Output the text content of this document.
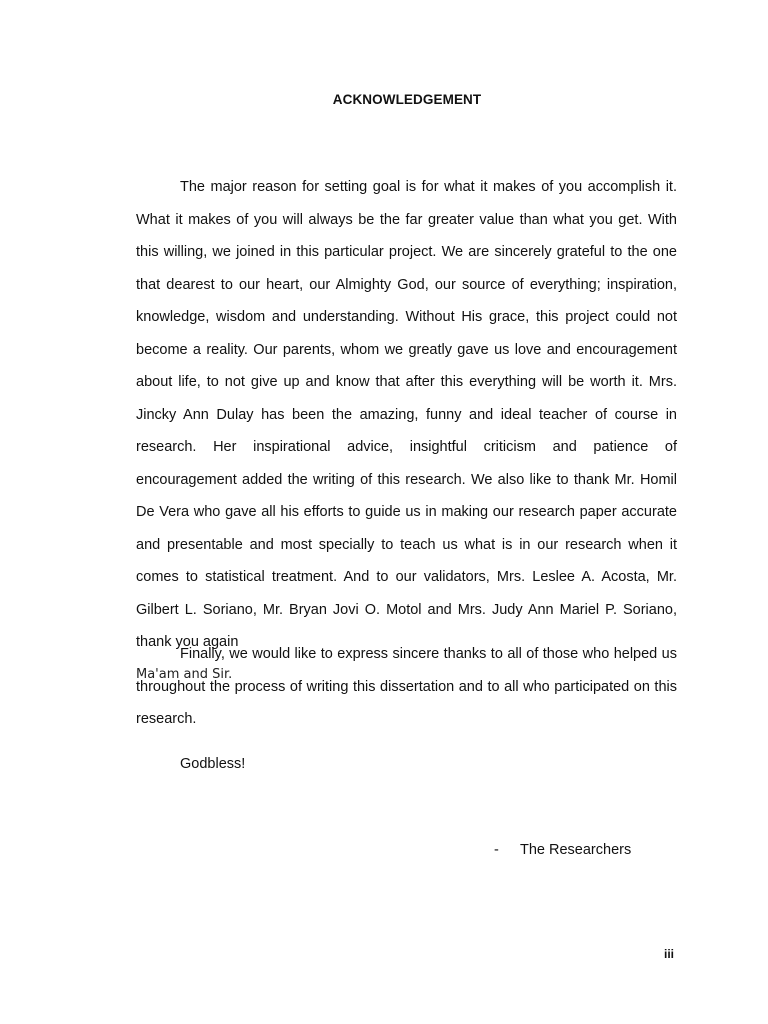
ACKNOWLEDGEMENT

The major reason for setting goal is for what it makes of you accomplish it. What it makes of you will always be the far greater value than what you get. With this willing, we joined in this particular project. We are sincerely grateful to the one that dearest to our heart, our Almighty God, our source of everything; inspiration, knowledge, wisdom and understanding. Without His grace, this project could not become a reality. Our parents, whom we greatly gave us love and encouragement about life, to not give up and know that after this everything will be worth it. Mrs. Jincky Ann Dulay has been the amazing, funny and ideal teacher of course in research. Her inspirational advice, insightful criticism and patience of encouragement added the writing of this research. We also like to thank Mr. Homil De Vera who gave all his efforts to guide us in making our research paper accurate and presentable and most specially to teach us what is in our research when it comes to statistical treatment. And to our validators, Mrs. Leslee A. Acosta, Mr. Gilbert L. Soriano, Mr. Bryan Jovi O. Motol and Mrs. Judy Ann Mariel P. Soriano, thank you again
Ma'am and Sir.

Finally, we would like to express sincere thanks to all of those who helped us throughout the process of writing this dissertation and to all who participated on this research.

Godbless!
- The Researchers
iii
